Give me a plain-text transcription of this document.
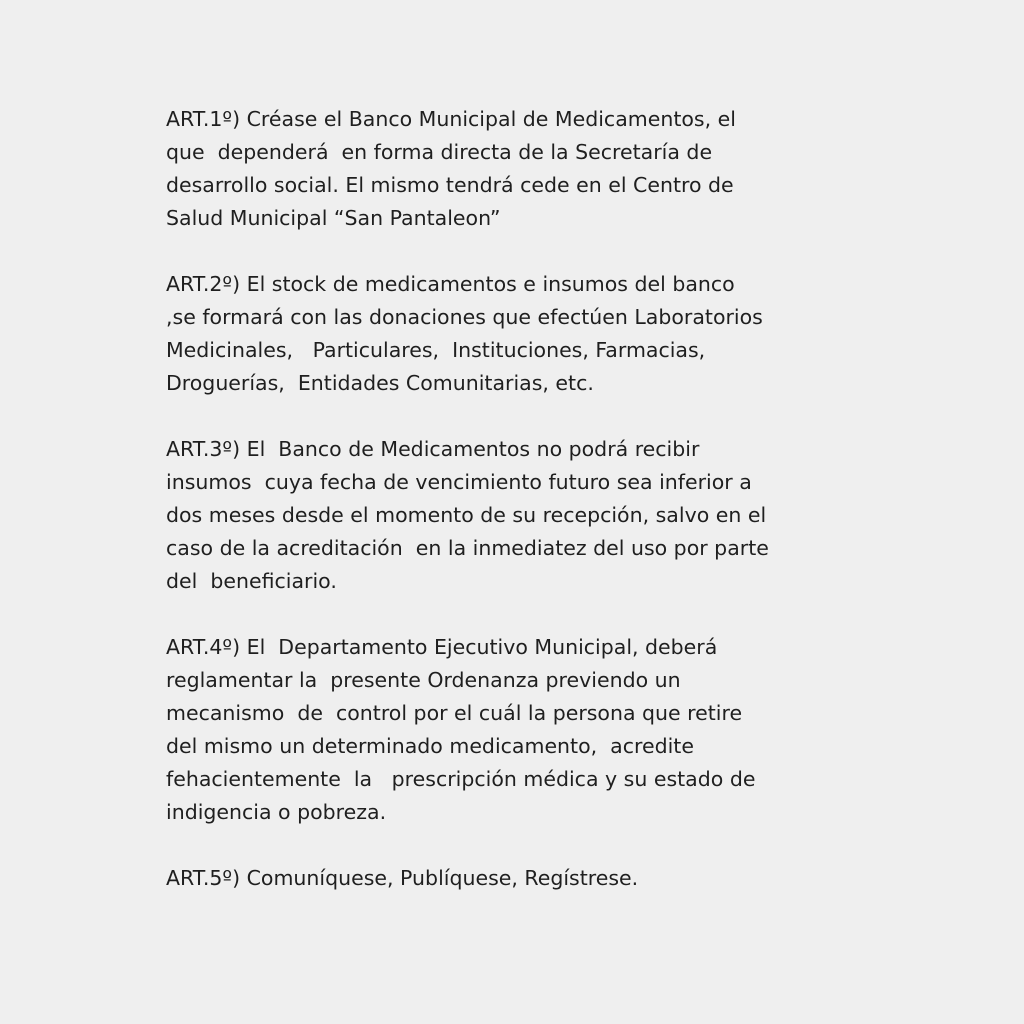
ART.1º) Créase el Banco Municipal de Medicamentos, el
que  dependerá  en forma directa de la Secretaría de
desarrollo social. El mismo tendrá cede en el Centro de
Salud Municipal “San Pantaleon”
ART.2º) El stock de medicamentos e insumos del banco
,se formará con las donaciones que efectúen Laboratorios
Medicinales,   Particulares,  Instituciones, Farmacias,
Droguerías,  Entidades Comunitarias, etc.
ART.3º) El  Banco de Medicamentos no podrá recibir
insumos  cuya fecha de vencimiento futuro sea inferior a
dos meses desde el momento de su recepción, salvo en el
caso de la acreditación  en la inmediatez del uso por parte
del  beneficiario.
ART.4º) El  Departamento Ejecutivo Municipal, deberá
reglamentar la  presente Ordenanza previendo un
mecanismo  de  control por el cuál la persona que retire
del mismo un determinado medicamento,  acredite
fehacientemente  la   prescripción médica y su estado de
indigencia o pobreza.
ART.5º) Comuníquese, Publíquese, Regístrese.
